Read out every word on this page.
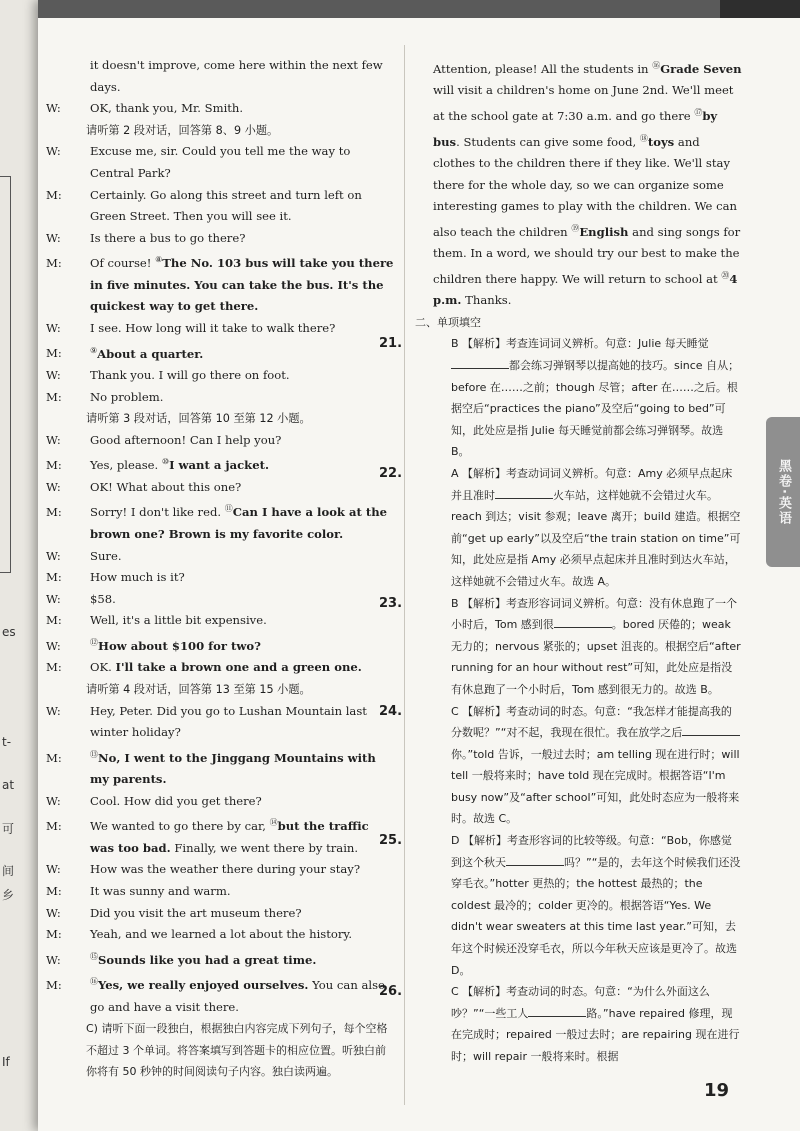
es
t-
at
可
间
乡
If
it doesn't improve, come here within the next few days.
W:	OK, thank you, Mr. Smith.
请听第 2 段对话，回答第 8、9 小题。
W:	Excuse me, sir. Could you tell me the way to Central Park?
M: Certainly. Go along this street and turn left on Green Street. Then you will see it.
W:	Is there a bus to go there?
M: Of course! ⑧The No. 103 bus will take you there in five minutes. You can take the bus. It's the quickest way to get there.
W:	I see. How long will it take to walk there?
M:	⑨About a quarter.
W:	Thank you. I will go there on foot.
M: No problem.
请听第 3 段对话，回答第 10 至第 12 小题。
W:	Good afternoon! Can I help you?
M: Yes, please. ⑩I want a jacket.
W:	OK! What about this one?
M: Sorry! I don't like red. ⑪Can I have a look at the brown one? Brown is my favorite color.
W:	Sure.
M: How much is it?
W:	$58.
M: Well, it's a little bit expensive.
W:	⑫How about $100 for two?
M: OK. I'll take a brown one and a green one.
请听第 4 段对话，回答第 13 至第 15 小题。
W:	Hey, Peter. Did you go to Lushan Mountain last winter holiday?
M:	⑬No, I went to the Jinggang Mountains with my parents.
W:	Cool. How did you get there?
M: We wanted to go there by car, ⑭but the traffic was too bad. Finally, we went there by train.
W:	How was the weather there during your stay?
M: It was sunny and warm.
W:	Did you visit the art museum there?
M: Yeah, and we learned a lot about the history.
W:	⑮Sounds like you had a great time.
M:	⑯Yes, we really enjoyed ourselves. You can also go and have a visit there.
C) 请听下面一段独白，根据独白内容完成下列句子，每个空格不超过 3 个单词。将答案填写到答题卡的相应位置。听独白前你将有 50 秒钟的时间阅读句子内容。独白读两遍。
Attention, please! All the students in ⑯Grade Seven will visit a children's home on June 2nd. We'll meet at the school gate at 7:30 a.m. and go there ⑰by bus. Students can give some food, ⑱toys and clothes to the children there if they like. We'll stay there for the whole day, so we can organize some interesting games to play with the children. We can also teach the children ⑲English and sing songs for them. In a word, we should try our best to make the children there happy. We will return to school at ⑳4 p.m. Thanks.
二、单项填空
21.	B 【解析】考查连词词义辨析。句意：Julie 每天睡觉都会练习弹钢琴以提高她的技巧。since 自从；before 在……之前；though 尽管；after 在……之后。根据空后“practices the piano”及空后“going to bed”可知，此处应是指 Julie 每天睡觉前都会练习弹钢琴。故选 B。
22.	A 【解析】考查动词词义辨析。句意：Amy 必须早点起床并且准时	火车站，这样她就不会错过火车。reach 到达；visit 参观；leave 离开；build 建造。根据空前“get up early”以及空后“the train station on time”可知，此处应是指 Amy 必须早点起床并且准时到达火车站，这样她就不会错过火车。故选 A。
23.	B 【解析】考查形容词词义辨析。句意：没有休息跑了一个小时后，Tom 感到很	。bored 厌倦的；weak 无力的；nervous 紧张的；upset 沮丧的。根据空后“after running for an hour without rest”可知，此处应是指没有休息跑了一个小时后，Tom 感到很无力的。故选 B。
24.	C 【解析】考查动词的时态。句意：“我怎样才能提高我的分数呢？”“对不起，我现在很忙。我在放学之后你。”told 告诉，一般过去时；am telling 现在进行时；will tell 一般将来时；have told 现在完成时。根据答语“I'm busy now”及“after school”可知，此处时态应为一般将来时。故选 C。
25.	D 【解析】考查形容词的比较等级。句意：“Bob，你感觉到这个秋天	吗？”“是的，去年这个时候我们还没穿毛衣。”hotter 更热的；the hottest 最热的；the coldest 最冷的；colder 更冷的。根据答语“Yes. We didn't wear sweaters at this time last year.”可知，去年这个时候还没穿毛衣，所以今年秋天应该是更冷了。故选 D。
26.	C 【解析】考查动词的时态。句意：“为什么外面这么吵？”“一些工人	路。”have repaired 修理，现在完成时；repaired 一般过去时；are repairing 现在进行时；will repair 一般将来时。根据
黑卷·英语
19
